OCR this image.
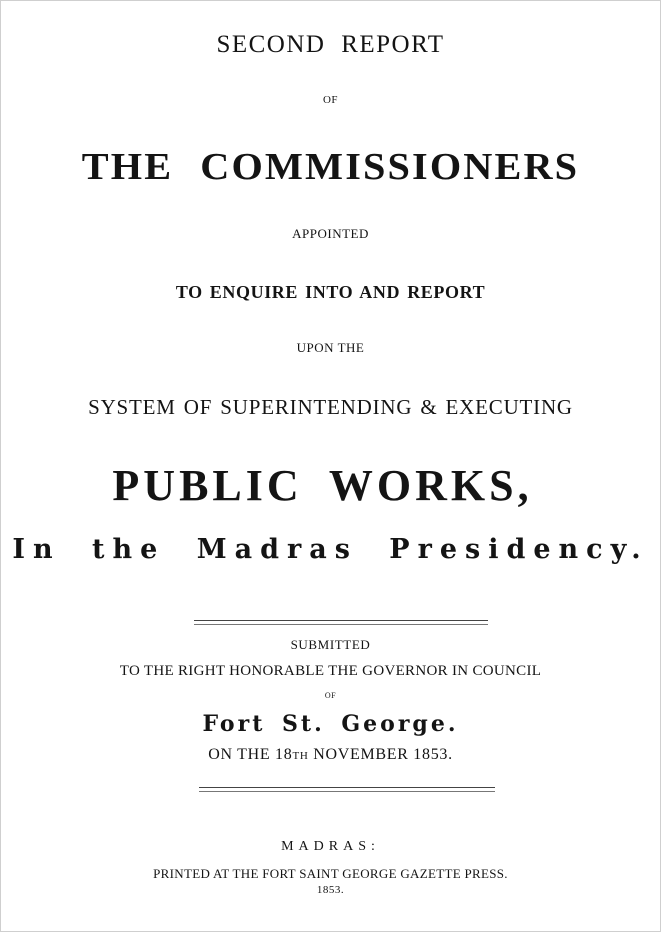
SECOND REPORT
OF
THE COMMISSIONERS
APPOINTED
TO ENQUIRE INTO AND REPORT
UPON THE
SYSTEM OF SUPERINTENDING & EXECUTING
PUBLIC WORKS,
In the Madras Presidency.
SUBMITTED
TO THE RIGHT HONORABLE THE GOVERNOR IN COUNCIL
OF
Fort St. George.
ON THE 18TH NOVEMBER 1853.
MADRAS:
PRINTED AT THE FORT SAINT GEORGE GAZETTE PRESS.
1853.
